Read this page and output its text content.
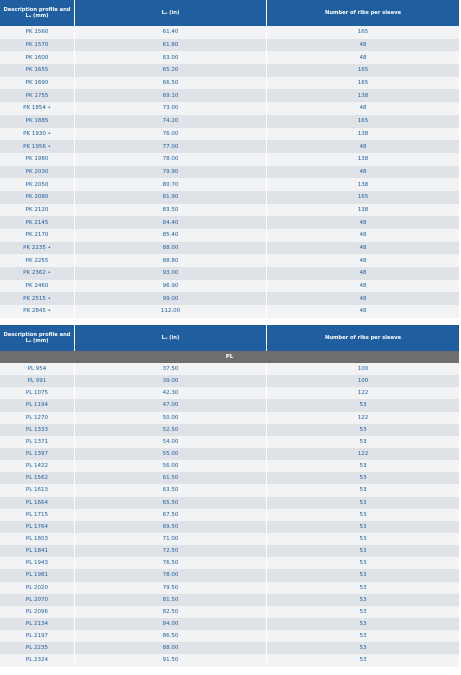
Description profile and Lₐ (mm)	Lₐ (in)	Number of ribs per sleeve
PK 1560	61.40	165
PK 1570	61.80	48
PK 1600	63.00	48
PK 1655	65.20	165
PK 1690	66.50	165
PK 1755	69.10	138
PK 1854 •	73.00	48
PK 1885	74.20	165
PK 1930 •	76.00	138
PK 1956 •	77.00	48
PK 1980	78.00	138
PK 2030	79.90	48
PK 2050	80.70	138
PK 2080	81.90	165
PK 2120	83.50	138
PK 2145	84.40	48
PK 2170	85.40	48
PK 2235 •	88.00	48
PK 2255	88.80	48
PK 2362 •	93.00	48
PK 2460	96.90	48
PK 2515 •	99.00	48
PK 2845 •	112.00	48
Description profile and Lₐ (mm)	Lₐ (in)	Number of ribs per sleeve
PL
PL 954	37.50	100
PL 991	39.00	100
PL 1075	42.30	122
PL 1194	47.00	53
PL 1270	50.00	122
PL 1333	52.50	53
PL 1371	54.00	53
PL 1397	55.00	122
PL 1422	56.00	53
PL 1562	61.50	53
PL 1613	63.50	53
PL 1664	65.50	53
PL 1715	67.50	53
PL 1764	69.50	53
PL 1803	71.00	53
PL 1841	72.50	53
PL 1943	76.50	53
PL 1981	78.00	53
PL 2020	79.50	53
PL 2070	81.50	53
PL 2096	82.50	53
PL 2134	84.00	53
PL 2197	86.50	53
PL 2235	88.00	53
PL 2324	91.50	53
